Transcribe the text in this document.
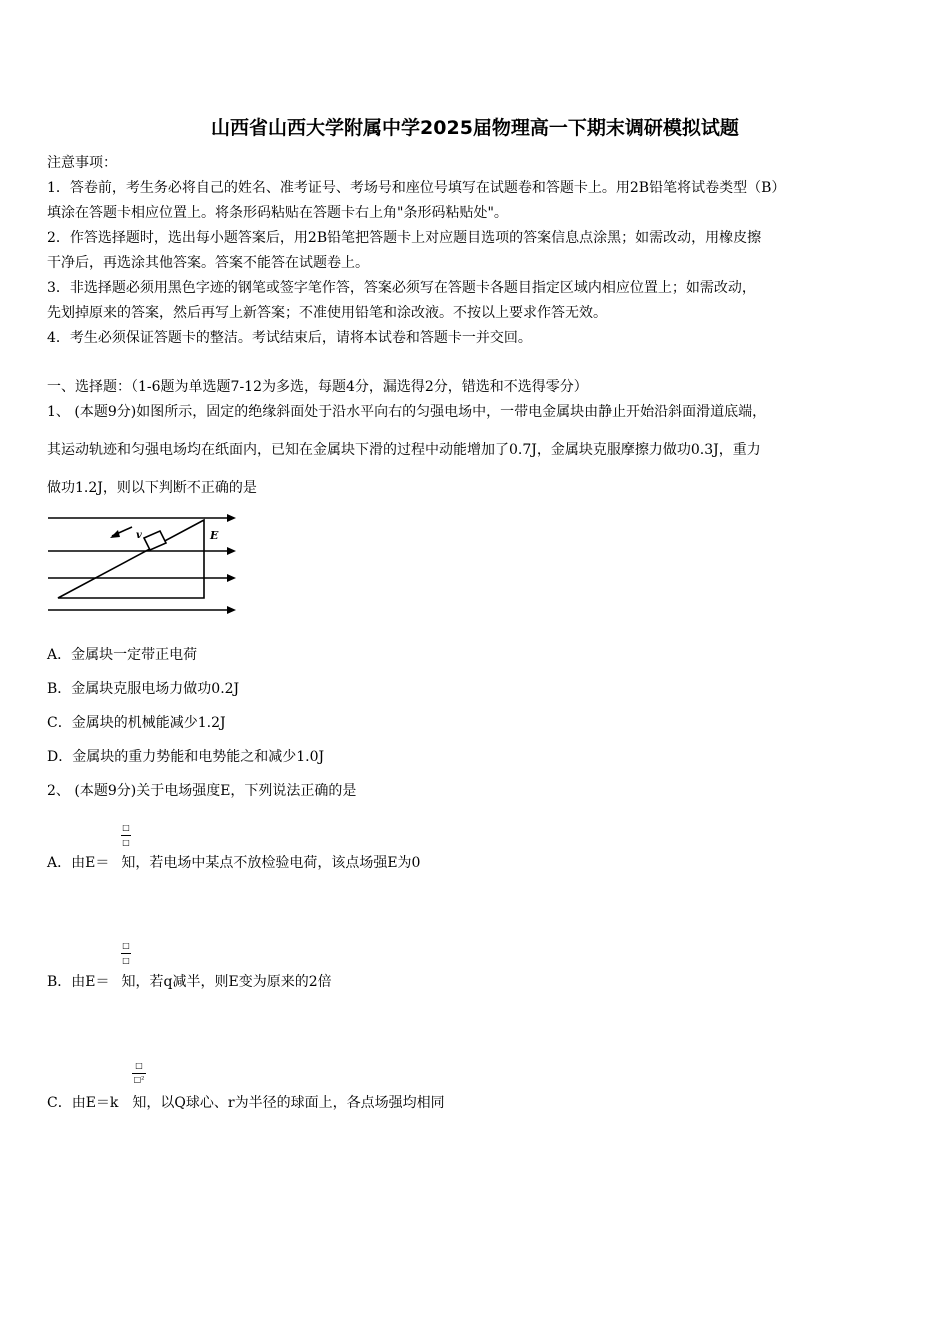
山西省山西大学附属中学2025届物理高一下期末调研模拟试题
注意事项：
1．答卷前，考生务必将自己的姓名、准考证号、考场号和座位号填写在试题卷和答题卡上。用2B铅笔将试卷类型（B）
填涂在答题卡相应位置上。将条形码粘贴在答题卡右上角"条形码粘贴处"。
2．作答选择题时，选出每小题答案后，用2B铅笔把答题卡上对应题目选项的答案信息点涂黑；如需改动，用橡皮擦
干净后，再选涂其他答案。答案不能答在试题卷上。
3．非选择题必须用黑色字迹的钢笔或签字笔作答，答案必须写在答题卡各题目指定区域内相应位置上；如需改动，
先划掉原来的答案，然后再写上新答案；不准使用铅笔和涂改液。不按以上要求作答无效。
4．考生必须保证答题卡的整洁。考试结束后，请将本试卷和答题卡一并交回。
一、选择题：（1-6题为单选题7-12为多选，每题4分，漏选得2分，错选和不选得零分）
1、 (本题9分)如图所示，固定的绝缘斜面处于沿水平向右的匀强电场中，一带电金属块由静止开始沿斜面滑道底端，
其运动轨迹和匀强电场均在纸面内，已知在金属块下滑的过程中动能增加了0.7J，金属块克服摩擦力做功0.3J，重力
做功1.2J，则以下判断不正确的是
v	E
A．金属块一定带正电荷
B．金属块克服电场力做功0.2J
C．金属块的机械能减少1.2J
D．金属块的重力势能和电势能之和减少1.0J
2、 (本题9分)关于电场强度E，下列说法正确的是
□
□
A．由E＝ 知，若电场中某点不放检验电荷，该点场强E为0
□
□
B．由E＝ 知，若q减半，则E变为原来的2倍
□
□²
C．由E＝k 知，以Q球心、r为半径的球面上，各点场强均相同
